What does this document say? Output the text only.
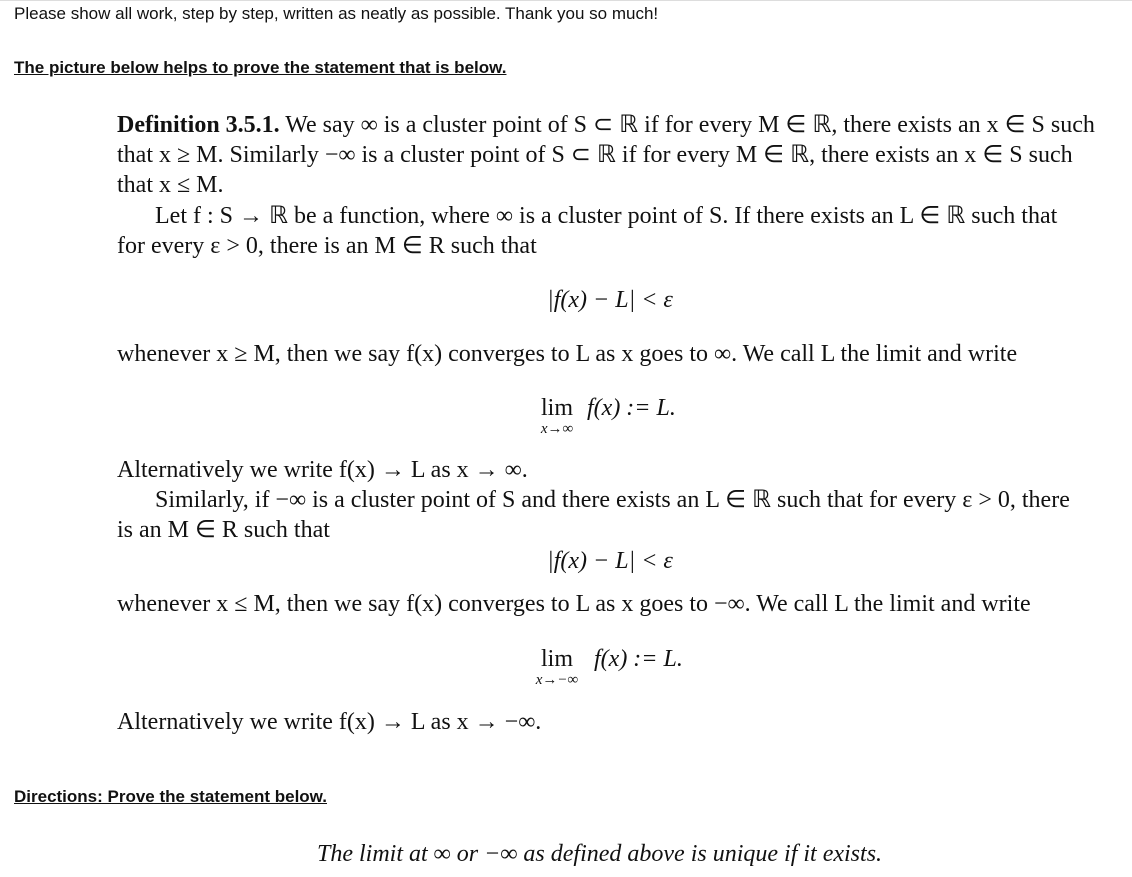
Please show all work, step by step, written as neatly as possible. Thank you so much!
The picture below helps to prove the statement that is below.
Definition 3.5.1. We say ∞ is a cluster point of S ⊂ ℝ if for every M ∈ ℝ, there exists an x ∈ S such
that x ≥ M. Similarly −∞ is a cluster point of S ⊂ ℝ if for every M ∈ ℝ, there exists an x ∈ S such
that x ≤ M.
Let f : S → ℝ be a function, where ∞ is a cluster point of S. If there exists an L ∈ ℝ such that
for every ε > 0, there is an M ∈ R such that
|f(x) − L| < ε
whenever x ≥ M, then we say f(x) converges to L as x goes to ∞. We call L the limit and write
lim
x→∞
f(x) := L.
Alternatively we write f(x) → L as x → ∞.
Similarly, if −∞ is a cluster point of S and there exists an L ∈ ℝ such that for every ε > 0, there
is an M ∈ R such that
|f(x) − L| < ε
whenever x ≤ M, then we say f(x) converges to L as x goes to −∞. We call L the limit and write
lim
x→−∞
f(x) := L.
Alternatively we write f(x) → L as x → −∞.
Directions: Prove the statement below.
The limit at ∞ or −∞ as defined above is unique if it exists.
